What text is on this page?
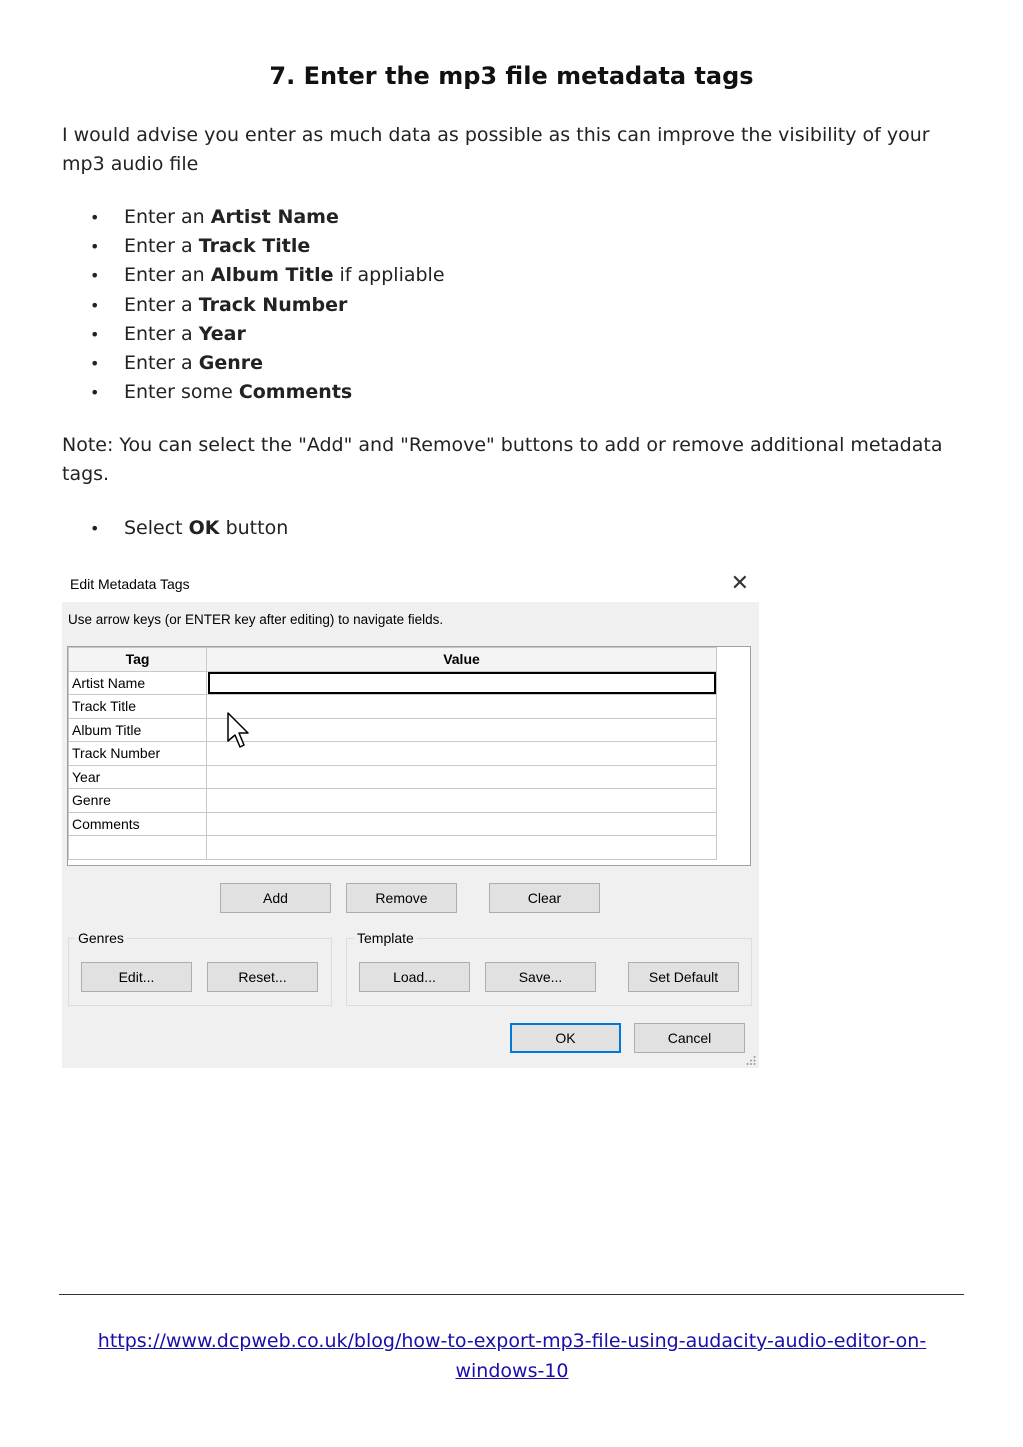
7. Enter the mp3 file metadata tags

I would advise you enter as much data as possible as this can improve the visibility of your mp3 audio file

• Enter an Artist Name
• Enter a Track Title
• Enter an Album Title if appliable
• Enter a Track Number
• Enter a Year
• Enter a Genre
• Enter some Comments

Note: You can select the "Add" and "Remove" buttons to add or remove additional metadata tags.

• Select OK button
Edit Metadata Tags	✕
Use arrow keys (or ENTER key after editing) to navigate fields.
Tag	Value
Artist Name	
Track Title	
Album Title	
Track Number	
Year	
Genre	
Comments	

Add	Remove	Clear
Genres
Edit...	Reset...
Template
Load...	Save...	Set Default
OK	Cancel
https://www.dcpweb.co.uk/blog/how-to-export-mp3-file-using-audacity-audio-editor-on-windows-10
